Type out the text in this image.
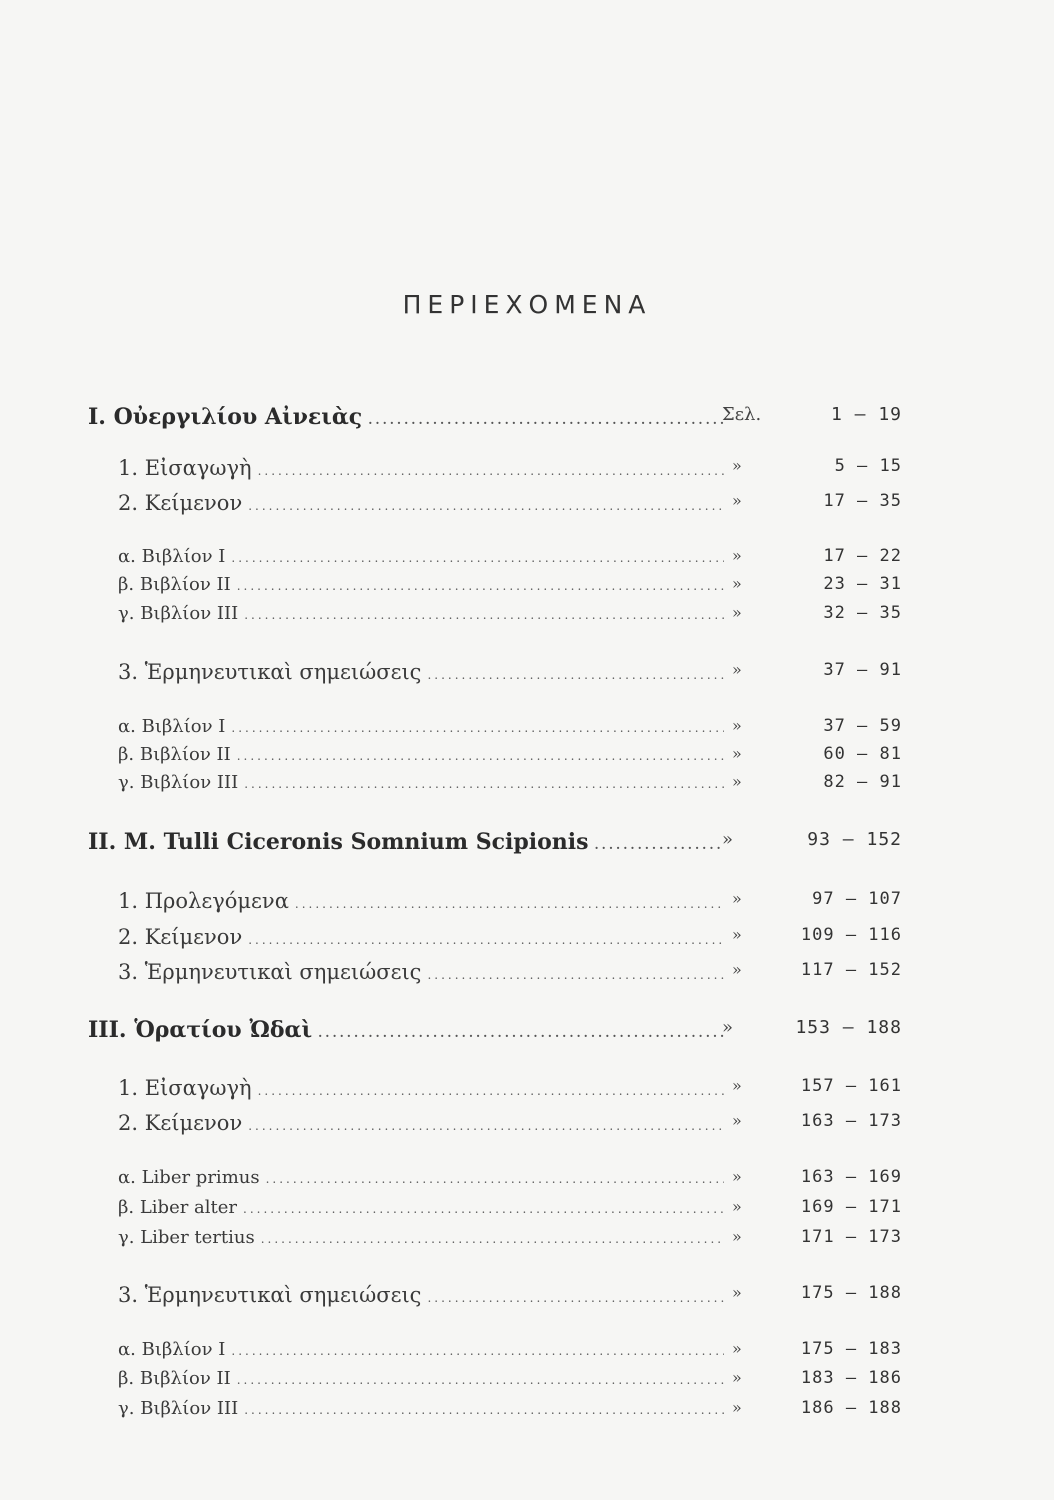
ΠΕΡΙΕΧΟΜΕΝΑ
I. Οὐεργιλίου Αἰνειὰς .....	Σελ.	1 – 19
1. Εἰσαγωγὴ .....	»	5 – 15
2. Κείμενον .....	»	17 – 35
α. Βιβλίον I .....	»	17 – 22
β. Βιβλίον II .....	»	23 – 31
γ. Βιβλίον III .....	»	32 – 35
3. Ἑρμηνευτικαὶ σημειώσεις .....	»	37 – 91
α. Βιβλίον I .....	»	37 – 59
β. Βιβλίον II .....	»	60 – 81
γ. Βιβλίον III .....	»	82 – 91
II. M. Tulli Ciceronis Somnium Scipionis .....	»	93 – 152
1. Προλεγόμενα .....	»	97 – 107
2. Κείμενον .....	»	109 – 116
3. Ἑρμηνευτικαὶ σημειώσεις .....	»	117 – 152
III. Ὁρατίου Ὠδαὶ .....	»	153 – 188
1. Εἰσαγωγὴ .....	»	157 – 161
2. Κείμενον .....	»	163 – 173
α. Liber primus .....	»	163 – 169
β. Liber alter .....	»	169 – 171
γ. Liber tertius .....	»	171 – 173
3. Ἑρμηνευτικαὶ σημειώσεις .....	»	175 – 188
α. Βιβλίον I .....	»	175 – 183
β. Βιβλίον II .....	»	183 – 186
γ. Βιβλίον III .....	»	186 – 188
